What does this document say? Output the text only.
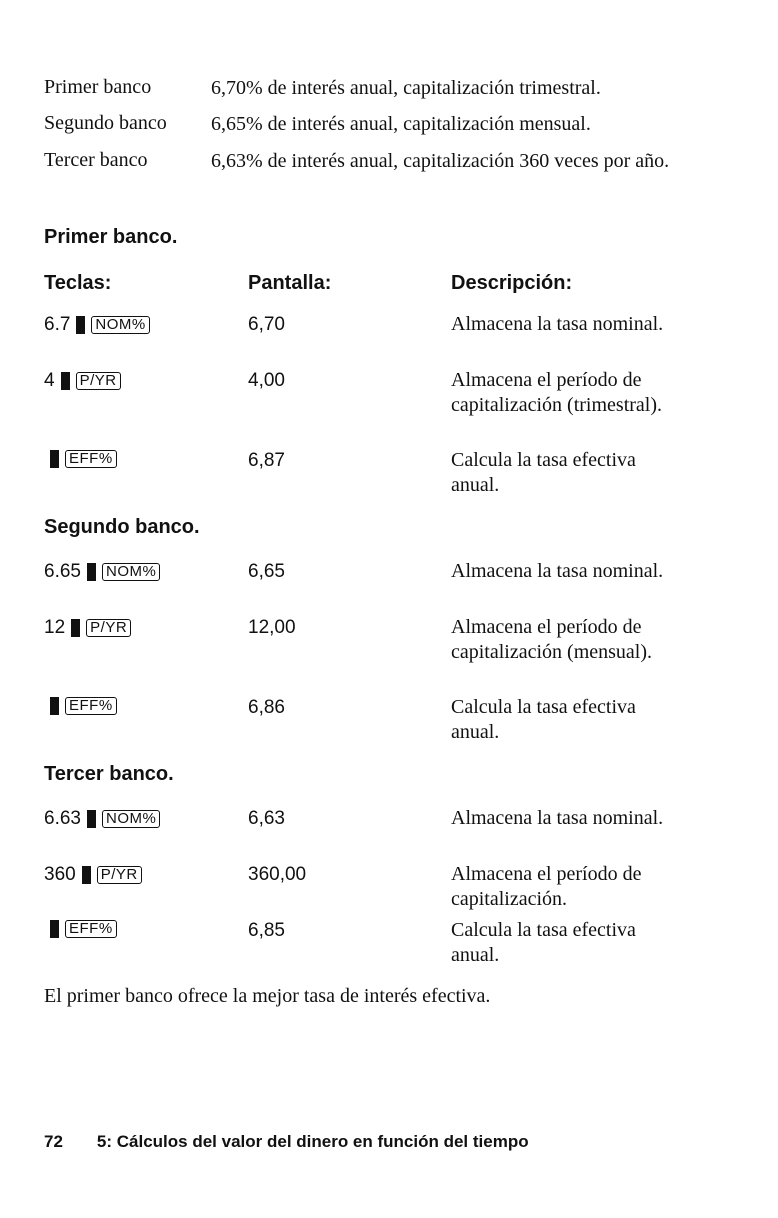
Primer banco	6,70% de interés anual, capitalización trimestral.
Segundo banco 6,65% de interés anual, capitalización mensual.
Tercer banco	6,63% de interés anual, capitalización 360 veces por año.
Primer banco.
Teclas:	Pantalla:	Descripción:
6.7 NOM%	6,70	Almacena la tasa nominal.
4 P/YR	4,00	Almacena el período de capitalización (trimestral).
EFF%	6,87	Calcula la tasa efectiva anual.
Segundo banco.
6.65 NOM%	6,65	Almacena la tasa nominal.
12 P/YR	12,00	Almacena el período de capitalización (mensual).
EFF%	6,86	Calcula la tasa efectiva anual.
Tercer banco.
6.63 NOM%	6,63	Almacena la tasa nominal.
360 P/YR	360,00	Almacena el período de capitalización.
EFF%	6,85	Calcula la tasa efectiva anual.
El primer banco ofrece la mejor tasa de interés efectiva.
72 5: Cálculos del valor del dinero en función del tiempo
